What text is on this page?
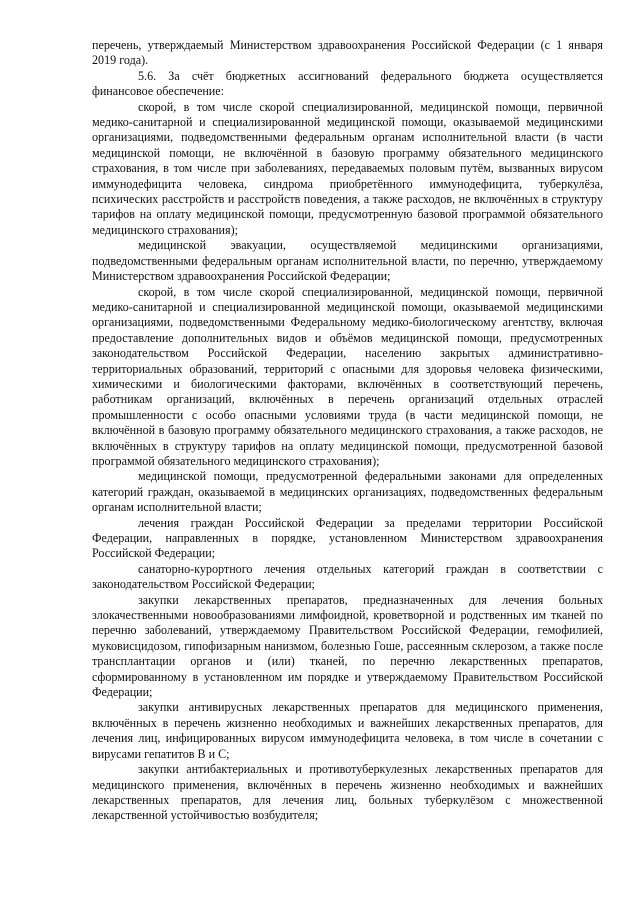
перечень, утверждаемый Министерством здравоохранения Российской Федерации (с 1 января 2019 года).

5.6. За счёт бюджетных ассигнований федерального бюджета осуществляется финансовое обеспечение:

скорой, в том числе скорой специализированной, медицинской помощи, первичной медико-санитарной и специализированной медицинской помощи, оказываемой медицинскими организациями, подведомственными федеральным органам исполнительной власти (в части медицинской помощи, не включённой в базовую программу обязательного медицинского страхования, в том числе при заболеваниях, передаваемых половым путём, вызванных вирусом иммунодефицита человека, синдрома приобретённого иммунодефицита, туберкулёза, психических расстройств и расстройств поведения, а также расходов, не включённых в структуру тарифов на оплату медицинской помощи, предусмотренную базовой программой обязательного медицинского страхования);

медицинской эвакуации, осуществляемой медицинскими организациями, подведомственными федеральным органам исполнительной власти, по перечню, утверждаемому Министерством здравоохранения Российской Федерации;

скорой, в том числе скорой специализированной, медицинской помощи, первичной медико-санитарной и специализированной медицинской помощи, оказываемой медицинскими организациями, подведомственными Федеральному медико-биологическому агентству, включая предоставление дополнительных видов и объёмов медицинской помощи, предусмотренных законодательством Российской Федерации, населению закрытых административно-территориальных образований, территорий с опасными для здоровья человека физическими, химическими и биологическими факторами, включённых в соответствующий перечень, работникам организаций, включённых в перечень организаций отдельных отраслей промышленности с особо опасными условиями труда (в части медицинской помощи, не включённой в базовую программу обязательного медицинского страхования, а также расходов, не включённых в структуру тарифов на оплату медицинской помощи, предусмотренной базовой программой обязательного медицинского страхования);

медицинской помощи, предусмотренной федеральными законами для определенных категорий граждан, оказываемой в медицинских организациях, подведомственных федеральным органам исполнительной власти;

лечения граждан Российской Федерации за пределами территории Российской Федерации, направленных в порядке, установленном Министерством здравоохранения Российской Федерации;

санаторно-курортного лечения отдельных категорий граждан в соответствии с законодательством Российской Федерации;

закупки лекарственных препаратов, предназначенных для лечения больных злокачественными новообразованиями лимфоидной, кроветворной и родственных им тканей по перечню заболеваний, утверждаемому Правительством Российской Федерации, гемофилией, муковисцидозом, гипофизарным нанизмом, болезнью Гоше, рассеянным склерозом, а также после трансплантации органов и (или) тканей, по перечню лекарственных препаратов, сформированному в установленном им порядке и утверждаемому Правительством Российской Федерации;

закупки антивирусных лекарственных препаратов для медицинского применения, включённых в перечень жизненно необходимых и важнейших лекарственных препаратов, для лечения лиц, инфицированных вирусом иммунодефицита человека, в том числе в сочетании с вирусами гепатитов B и C;

закупки антибактериальных и противотуберкулезных лекарственных препаратов для медицинского применения, включённых в перечень жизненно необходимых и важнейших лекарственных препаратов, для лечения лиц, больных туберкулёзом с множественной лекарственной устойчивостью возбудителя;
